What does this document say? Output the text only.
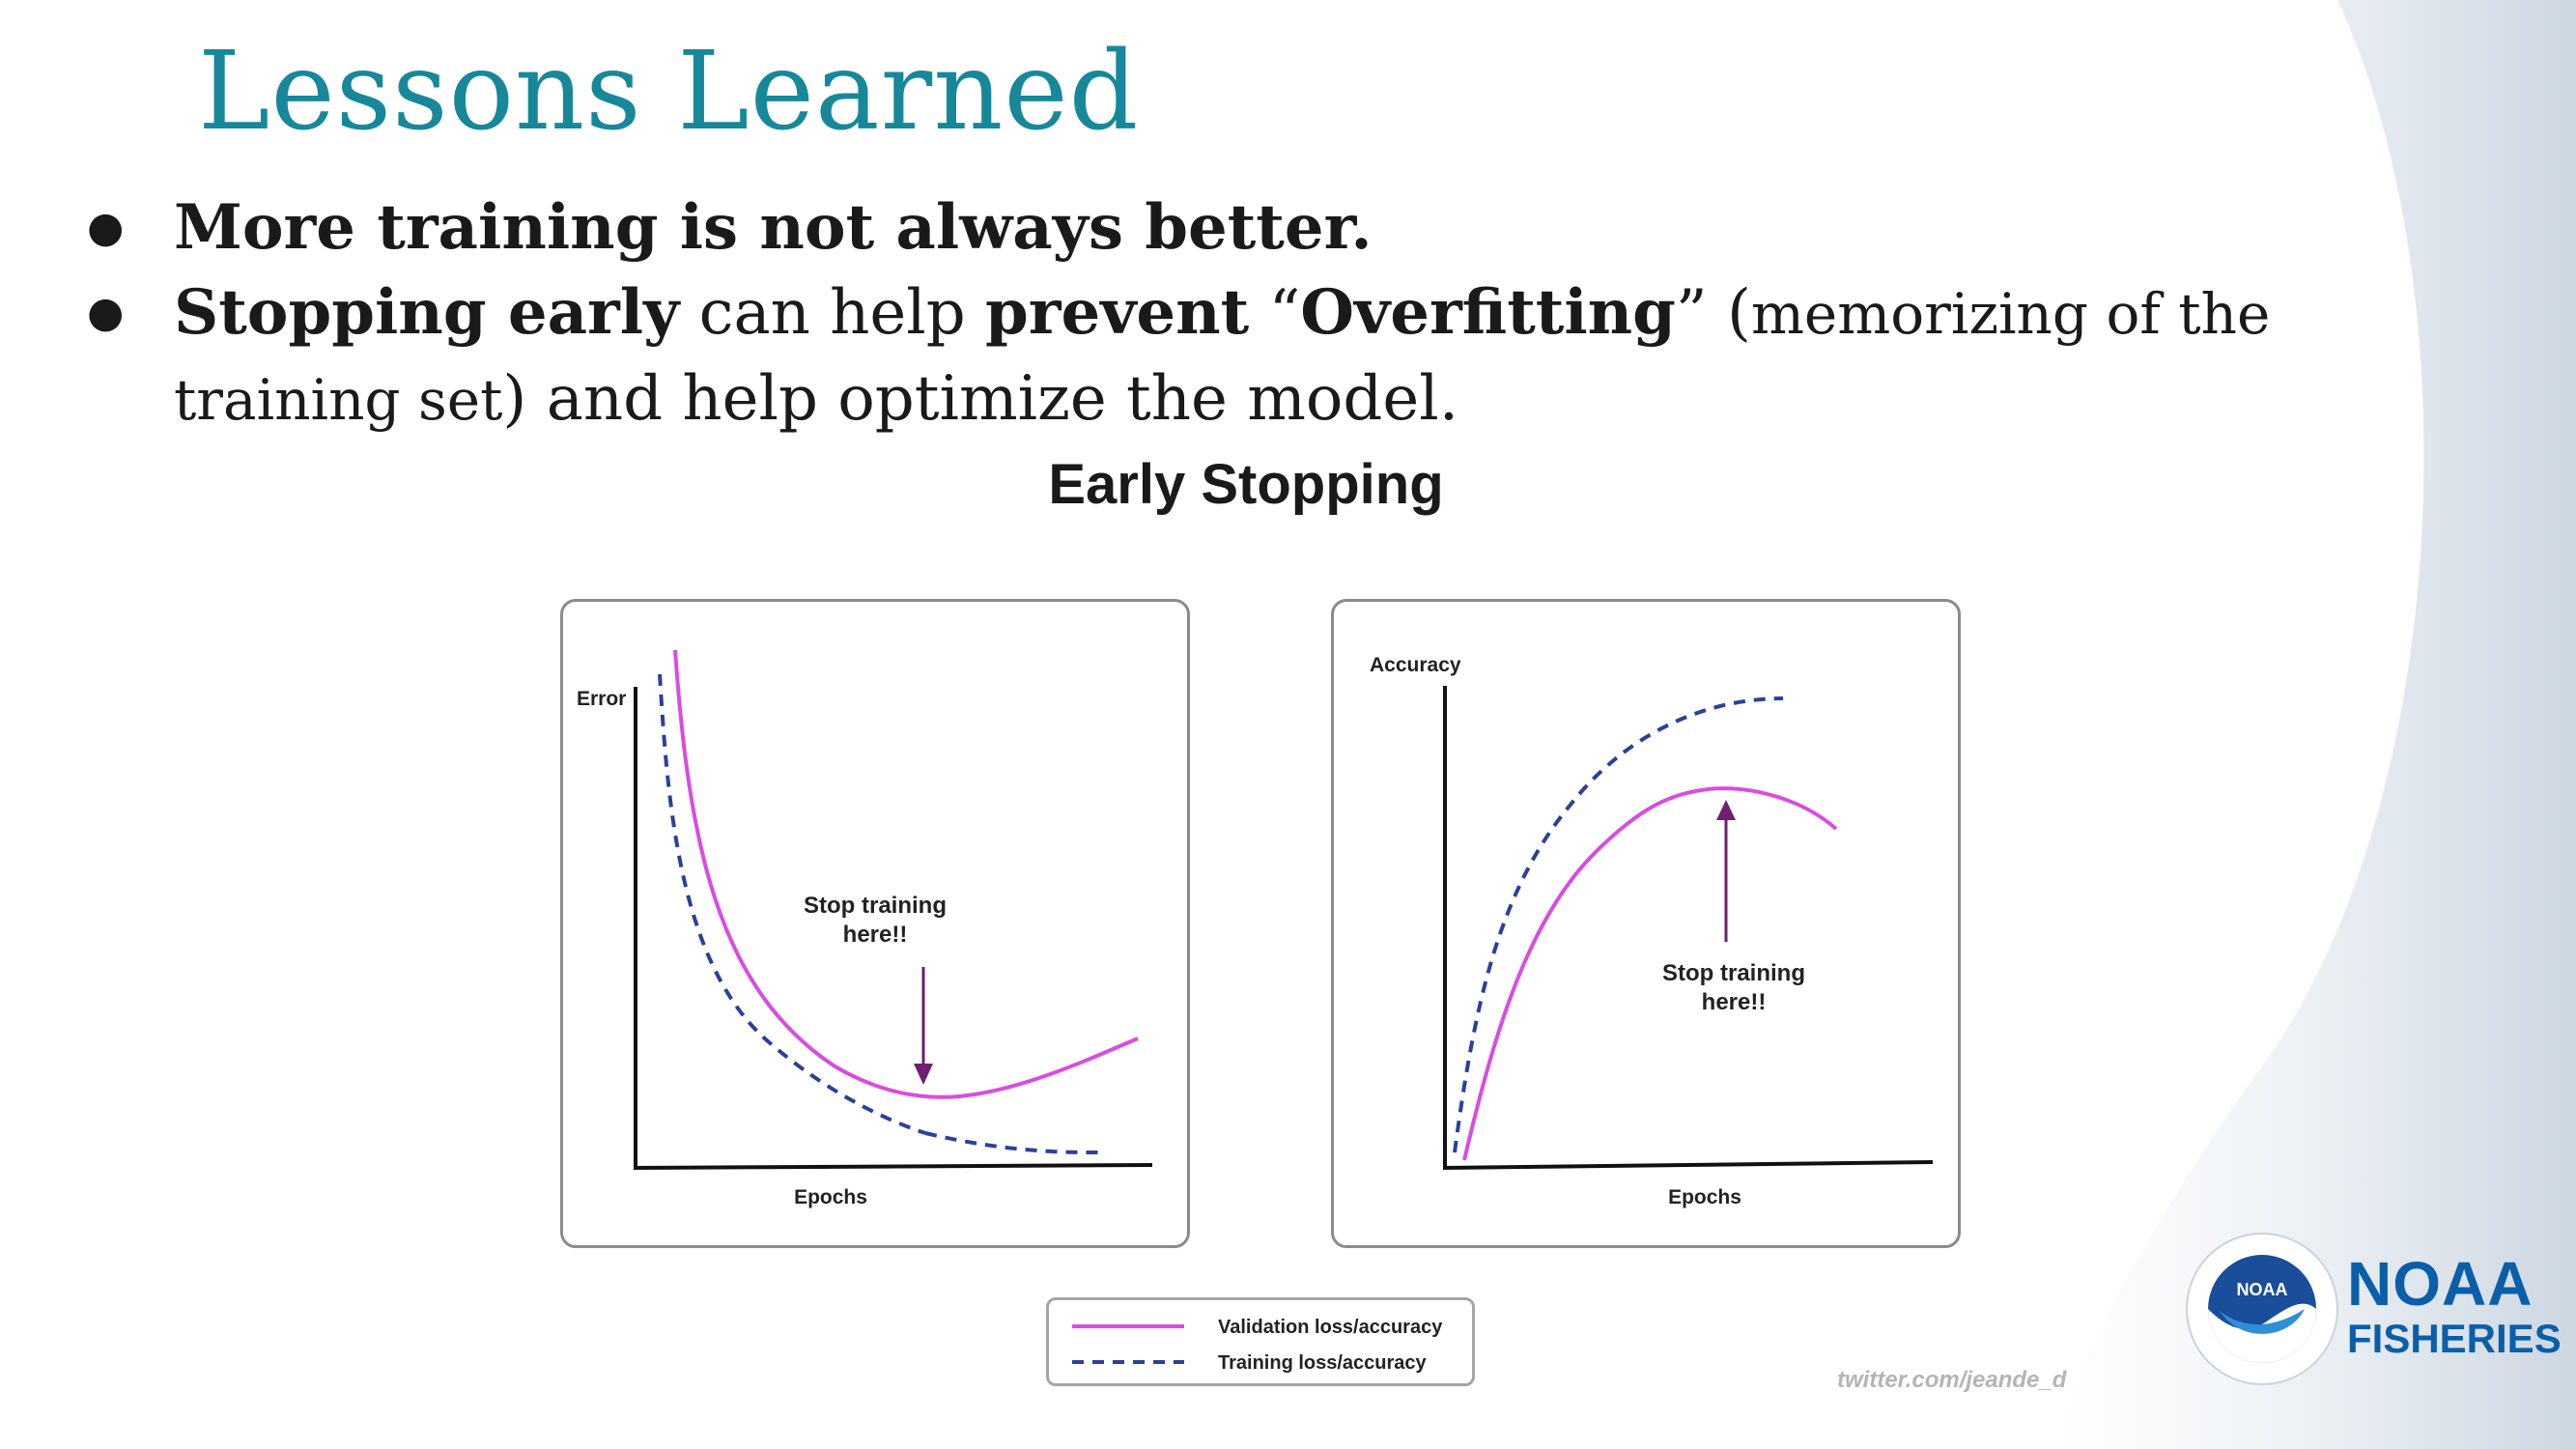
Lessons Learned
● More training is not always better.
● Stopping early can help prevent “Overfitting” (memorizing of the training set) and help optimize the model.
Early Stopping
Error
Epochs
Stop training
here!!
Accuracy
Epochs
Stop training
here!!
Validation loss/accuracy
Training loss/accuracy
twitter.com/jeande_d
NOAA NOAA
FISHERIES
